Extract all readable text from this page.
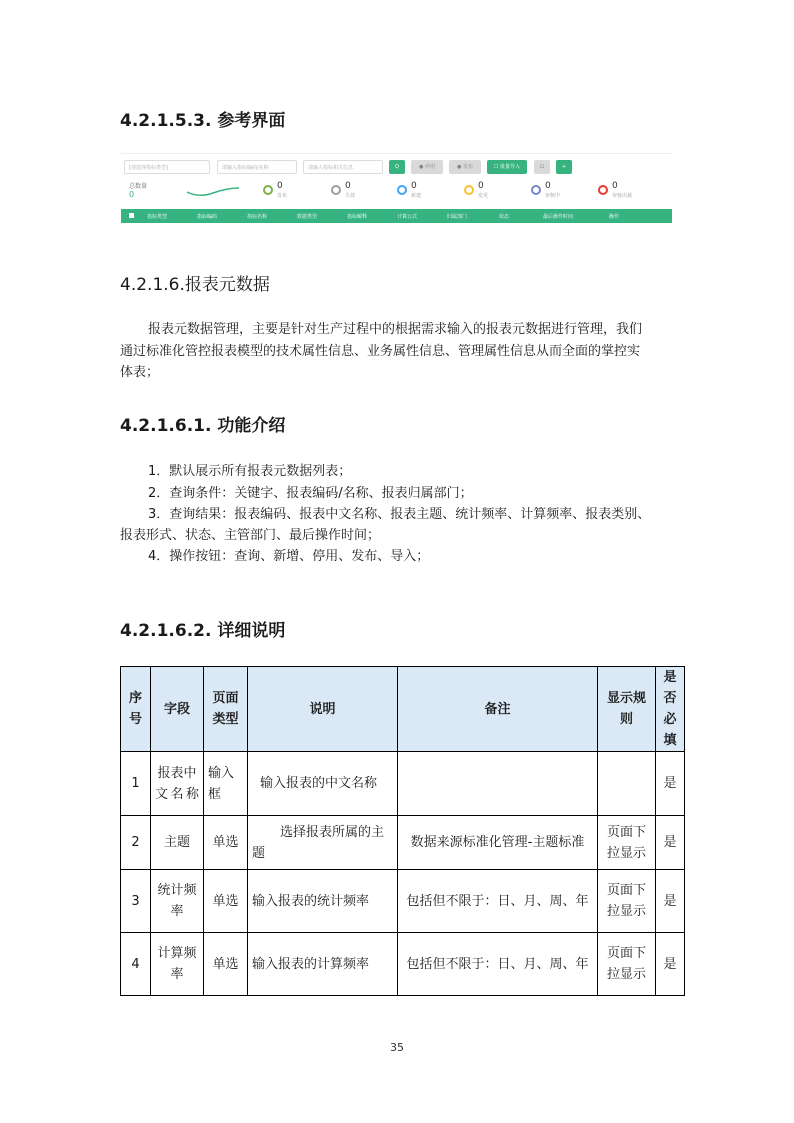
4.2.1.5.3. 参考界面
[请选择指标类型]	请输入指标编码/名称	请输入指标相关信息	Q	● 停用	● 发布	☐ 批量导入	⊡	+
总数量
0
0
发布
0
失效
0
新建
0
变更
0
审核中
0
审核决裁
指标类型	指标编码	指标名称	数据类型	指标解释	计算公式	归属部门	状态	最后操作时间	操作
4.2.1.6.报表元数据
报表元数据管理，主要是针对生产过程中的根据需求输入的报表元数据进行管理，我们
通过标准化管控报表模型的技术属性信息、业务属性信息、管理属性信息从而全面的掌控实
体表；
4.2.1.6.1. 功能介绍
1．默认展示所有报表元数据列表；
2．查询条件：关键字、报表编码/名称、报表归属部门；
3．查询结果：报表编码、报表中文名称、报表主题、统计频率、计算频率、报表类别、
报表形式、状态、主管部门、最后操作时间；
4．操作按钮：查询、新增、停用、发布、导入；
4.2.1.6.2. 详细说明
序号	字段	页面类型	说明	备注	显示规则	是否必填
1	报表中文名称	输入框	输入报表的中文名称			是
2	主题	单选	选择报表所属的主题	数据来源标准化管理-主题标准	页面下拉显示	是
3	统计频率	单选	输入报表的统计频率	包括但不限于：日、月、周、年	页面下拉显示	是
4	计算频率	单选	输入报表的计算频率	包括但不限于：日、月、周、年	页面下拉显示	是
35
